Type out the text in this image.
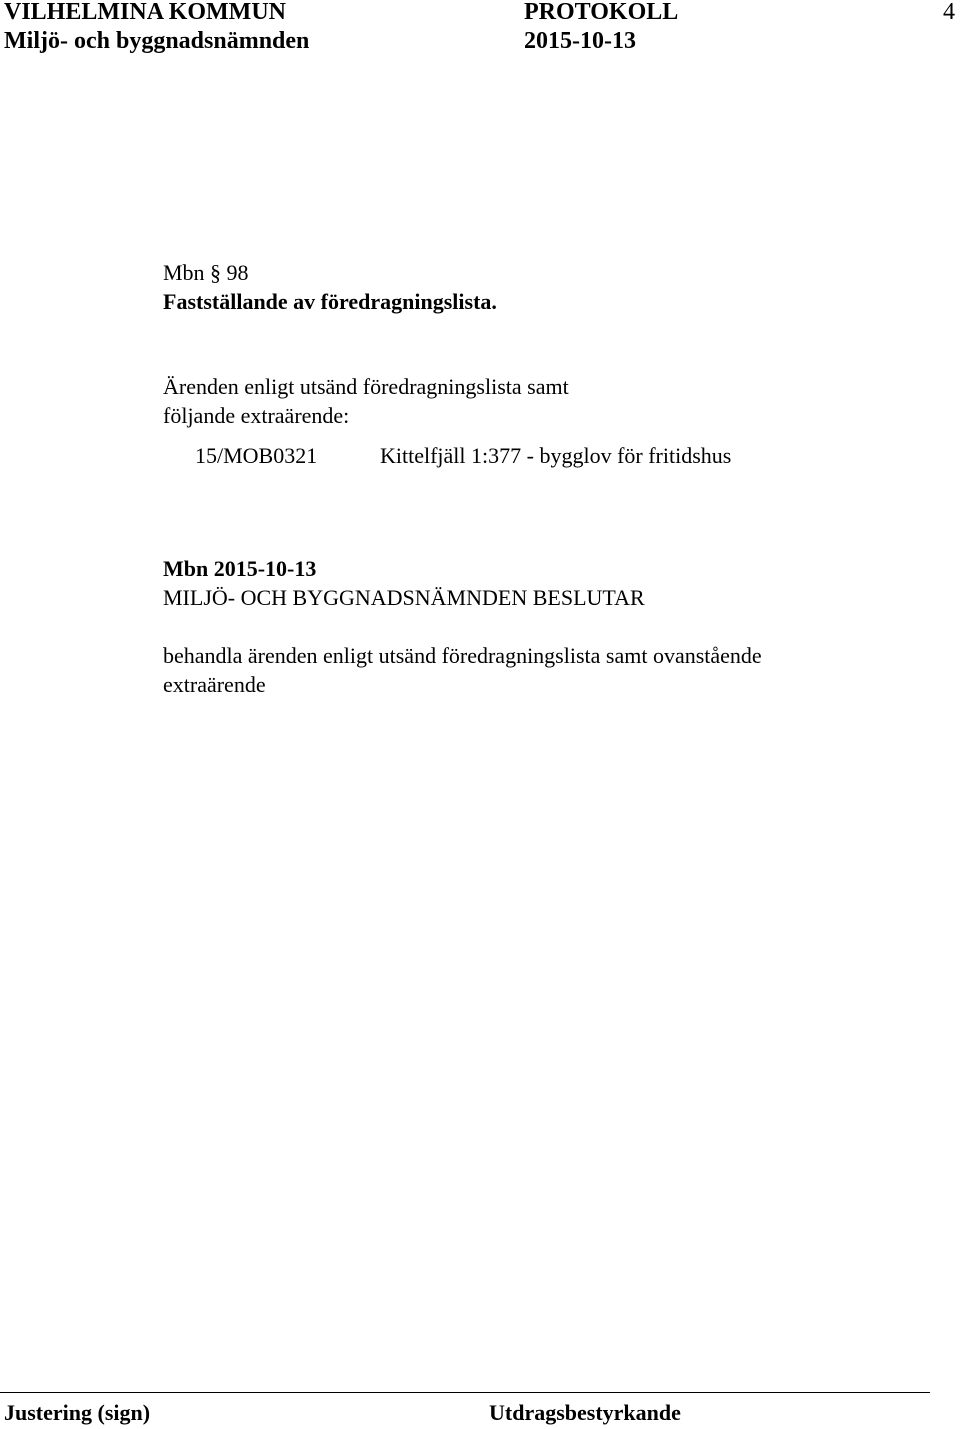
VILHELMINA KOMMUN
Miljö- och byggnadsnämnden
PROTOKOLL
2015-10-13
4
Mbn § 98
Fastställande av föredragningslista.
Ärenden enligt utsänd föredragningslista samt
följande extraärende:
15/MOB0321	Kittelfjäll 1:377 - bygglov för fritidshus
Mbn 2015-10-13
MILJÖ- OCH BYGGNADSNÄMNDEN BESLUTAR
behandla ärenden enligt utsänd föredragningslista samt ovanstående
extraärende
Justering (sign)	Utdragsbestyrkande
